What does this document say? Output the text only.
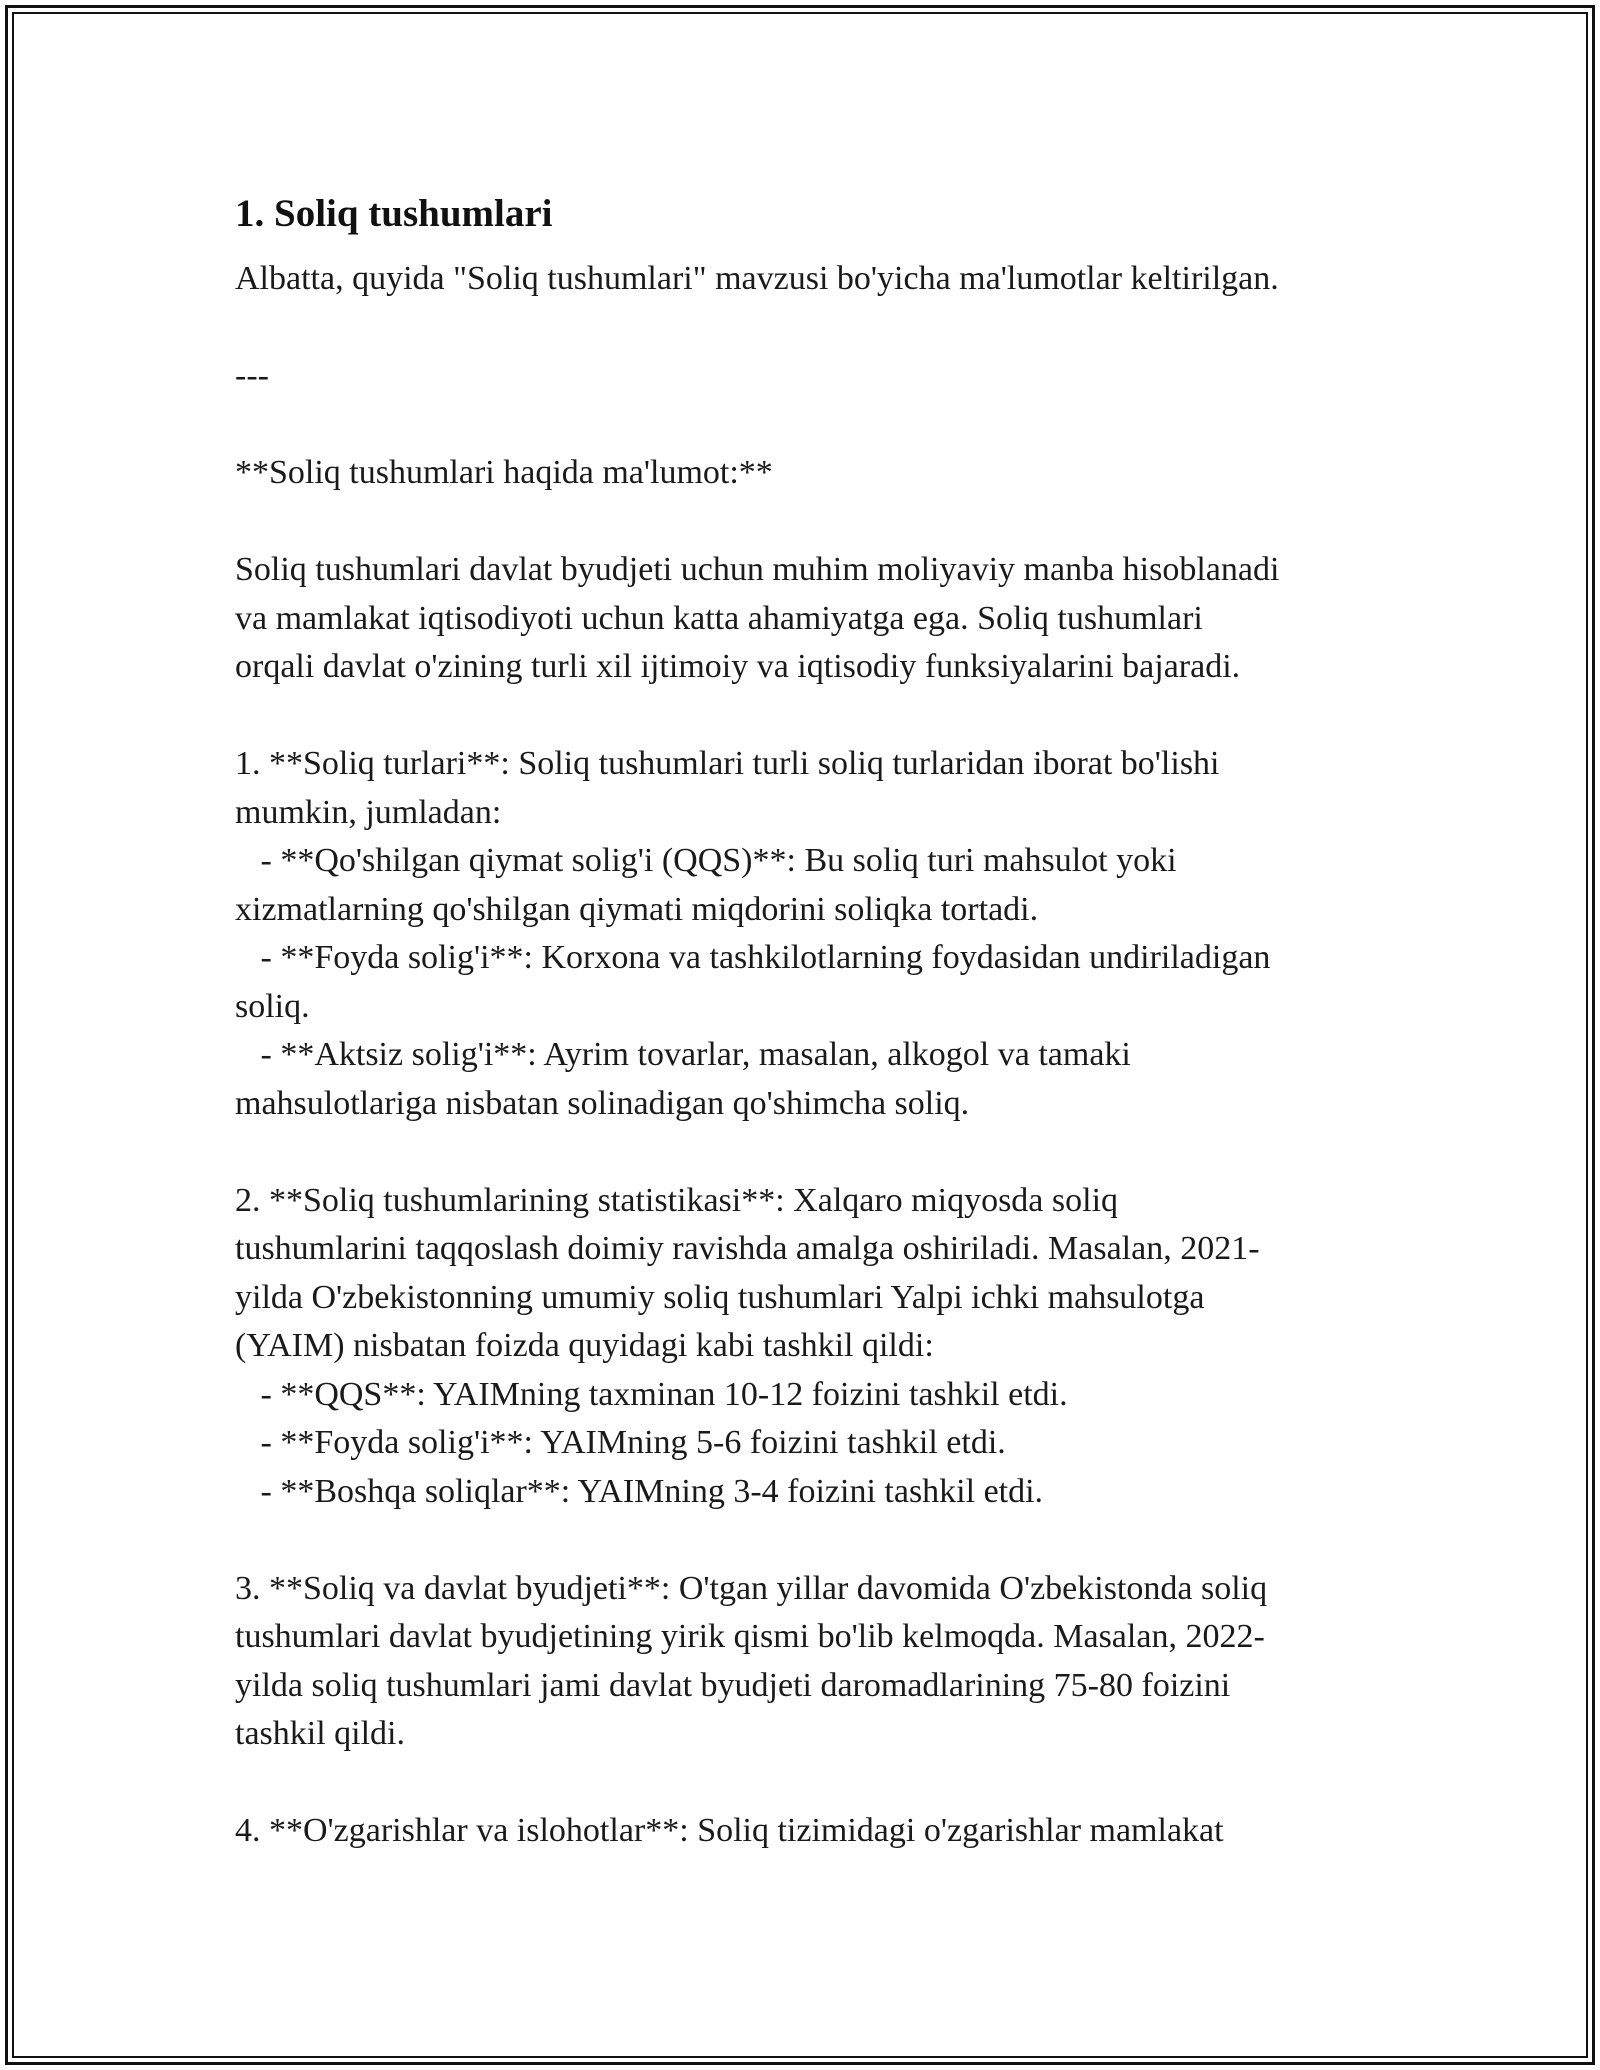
1. Soliq tushumlari

Albatta, quyida "Soliq tushumlari" mavzusi bo'yicha ma'lumotlar keltirilgan.

---

**Soliq tushumlari haqida ma'lumot:**

Soliq tushumlari davlat byudjeti uchun muhim moliyaviy manba hisoblanadi

va mamlakat iqtisodiyoti uchun katta ahamiyatga ega. Soliq tushumlari

orqali davlat o'zining turli xil ijtimoiy va iqtisodiy funksiyalarini bajaradi.

1. **Soliq turlari**: Soliq tushumlari turli soliq turlaridan iborat bo'lishi

mumkin, jumladan:

- **Qo'shilgan qiymat solig'i (QQS)**: Bu soliq turi mahsulot yoki

xizmatlarning qo'shilgan qiymati miqdorini soliqka tortadi.

- **Foyda solig'i**: Korxona va tashkilotlarning foydasidan undiriladigan

soliq.

- **Aktsiz solig'i**: Ayrim tovarlar, masalan, alkogol va tamaki

mahsulotlariga nisbatan solinadigan qo'shimcha soliq.

2. **Soliq tushumlarining statistikasi**: Xalqaro miqyosda soliq

tushumlarini taqqoslash doimiy ravishda amalga oshiriladi. Masalan, 2021-

yilda O'zbekistonning umumiy soliq tushumlari Yalpi ichki mahsulotga

(YAIM) nisbatan foizda quyidagi kabi tashkil qildi:

- **QQS**: YAIMning taxminan 10-12 foizini tashkil etdi.

- **Foyda solig'i**: YAIMning 5-6 foizini tashkil etdi.

- **Boshqa soliqlar**: YAIMning 3-4 foizini tashkil etdi.

3. **Soliq va davlat byudjeti**: O'tgan yillar davomida O'zbekistonda soliq

tushumlari davlat byudjetining yirik qismi bo'lib kelmoqda. Masalan, 2022-

yilda soliq tushumlari jami davlat byudjeti daromadlarining 75-80 foizini

tashkil qildi.

4. **O'zgarishlar va islohotlar**: Soliq tizimidagi o'zgarishlar mamlakat
